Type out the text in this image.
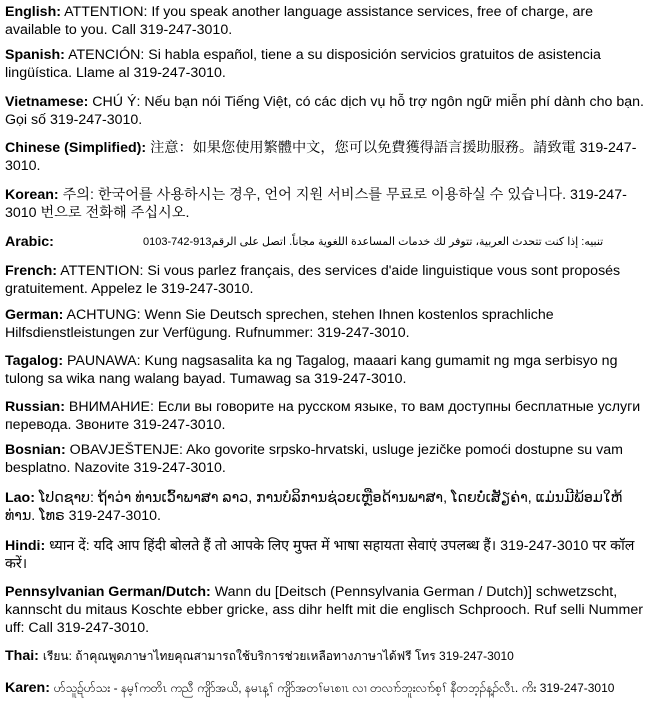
English: ATTENTION: If you speak another language assistance services, free of charge, are available to you. Call 319-247-3010.
Spanish: ATENCIÓN: Si habla español, tiene a su disposición servicios gratuitos de asistencia lingüística. Llame al 319-247-3010.
Vietnamese: CHÚ Ý: Nếu bạn nói Tiếng Việt, có các dịch vụ hỗ trợ ngôn ngữ miễn phí dành cho bạn. Gọi số 319-247-3010.
Chinese (Simplified): 注意：如果您使用繁體中文，您可以免費獲得語言援助服務。請致電 319-247-3010.
Korean: 주의: 한국어를 사용하시는 경우, 언어 지원 서비스를 무료로 이용하실 수 있습니다. 319-247-3010 번으로 전화해 주십시오.
Arabic:	تنبيه: إذا كنت تتحدث العربية، تتوفر لك خدمات المساعدة اللغوية مجاناً. اتصل على الرقم319-247-3010
French: ATTENTION: Si vous parlez français, des services d'aide linguistique vous sont proposés gratuitement. Appelez le 319-247-3010.
German: ACHTUNG: Wenn Sie Deutsch sprechen, stehen Ihnen kostenlos sprachliche Hilfsdienstleistungen zur Verfügung. Rufnummer: 319-247-3010.
Tagalog: PAUNAWA: Kung nagsasalita ka ng Tagalog, maaari kang gumamit ng mga serbisyo ng tulong sa wika nang walang bayad. Tumawag sa 319-247-3010.
Russian: ВНИМАНИЕ: Если вы говорите на русском языке, то вам доступны бесплатные услуги перевода. Звоните 319-247-3010.
Bosnian: OBAVJEŠTENJE: Ako govorite srpsko-hrvatski, usluge jezičke pomoći dostupne su vam besplatno. Nazovite 319-247-3010.
Lao: ໂປດຊາບ: ຖ້າວ່າ ທ່ານເວົ້າພາສາ ລາວ, ການບໍລິການຊ່ວຍເຫຼືອດ້ານພາສາ, ໂດຍບໍ່ເສັຽຄ່າ, ແມ່ນມີພ້ອມໃຫ້ທ່ານ. ໂທຣ 319-247-3010.
Hindi: ध्यान दें: यदि आप हिंदी बोलते हैं तो आपके लिए मुफ्त में भाषा सहायता सेवाएं उपलब्ध हैं। 319-247-3010 पर कॉल करें।
Pennsylvanian German/Dutch: Wann du [Deitsch (Pennsylvania German / Dutch)] schwetzscht, kannscht du mitaus Koschte ebber gricke, ass dihr helft mit die englisch Schprooch. Ruf selli Nummer uff: Call 319-247-3010.
Thai: เรียน: ถ้าคุณพูดภาษาไทยคุณสามารถใช้บริการช่วยเหลือทางภาษาได้ฟรี โทร 319-247-3010
Karen: ဟ်သူဍ်ဟ်သး - နမ့ၢ်ကတိၤ ကညီ ကျိာ်အယိ, နမၤန့ၢ် ကျိာ်အတၢ်မၤစၢၤ လၢ တလၢာ်ဘူးလၢာ်စ့ၢ် နီတဘ့ၣ်န့ၣ်လီၤ. ကိး 319-247-3010
